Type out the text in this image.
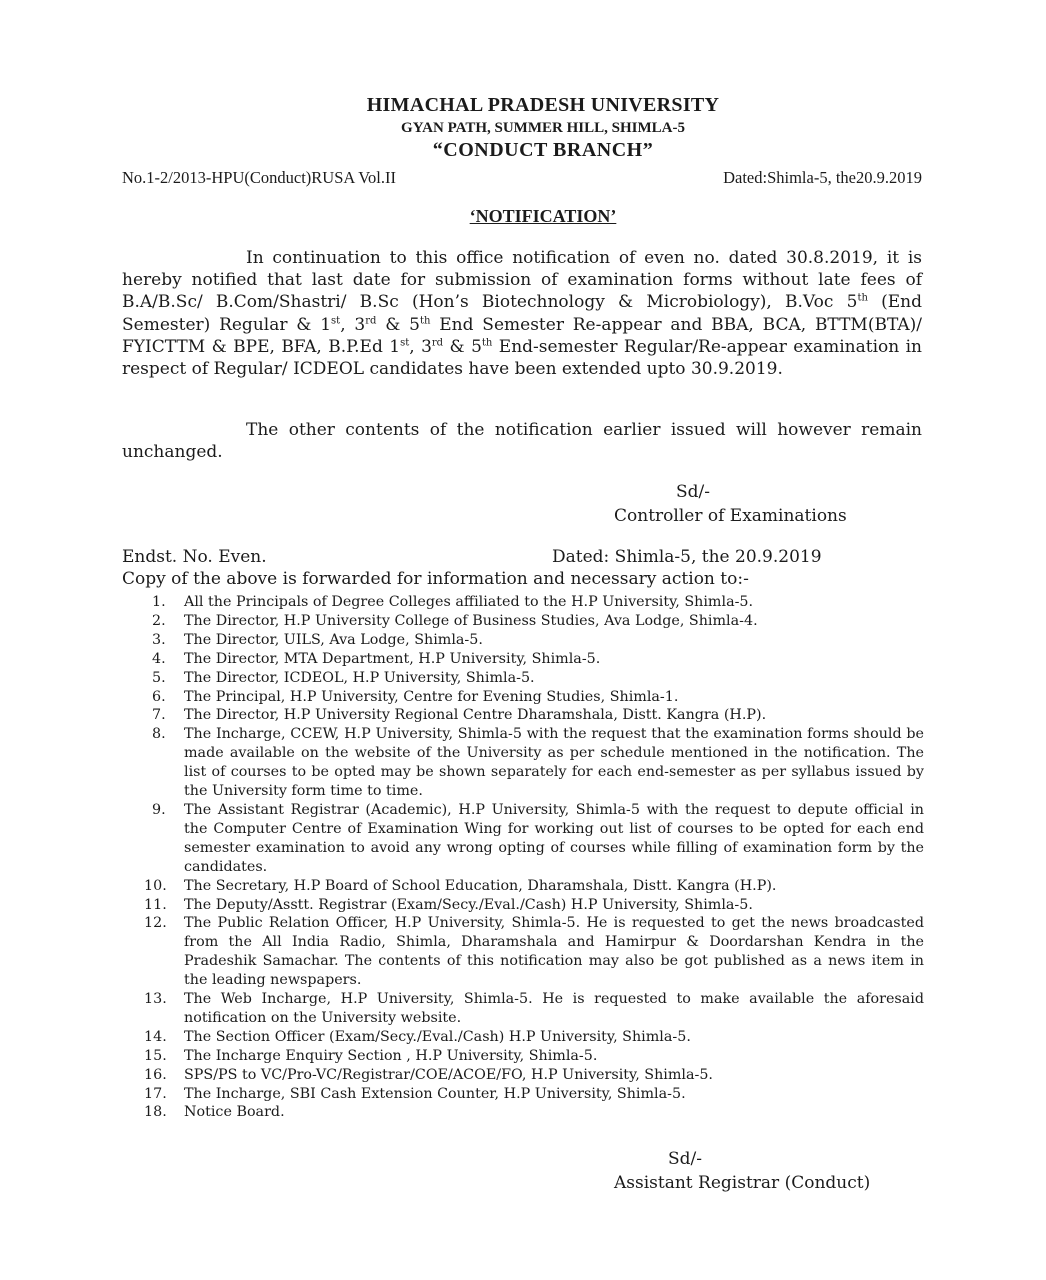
HIMACHAL PRADESH UNIVERSITY
GYAN PATH, SUMMER HILL, SHIMLA-5
“CONDUCT BRANCH”
No.1-2/2013-HPU(Conduct)RUSA Vol.II	Dated:Shimla-5, the20.9.2019
‘NOTIFICATION’

In continuation to this office notification of even no. dated 30.8.2019, it is hereby notified that last date for submission of examination forms without late fees of B.A/B.Sc/ B.Com/Shastri/ B.Sc (Hon’s Biotechnology & Microbiology), B.Voc 5th (End Semester) Regular & 1st, 3rd & 5th End Semester Re-appear and BBA, BCA, BTTM(BTA)/ FYICTTM & BPE, BFA, B.P.Ed 1st, 3rd & 5th End-semester Regular/Re-appear examination in respect of Regular/ ICDEOL candidates have been extended upto 30.9.2019.

The other contents of the notification earlier issued will however remain unchanged.

Sd/-
Controller of Examinations
Endst. No. Even.	Dated: Shimla-5, the 20.9.2019
Copy of the above is forwarded for information and necessary action to:-
1.	All the Principals of Degree Colleges affiliated to the H.P University, Shimla-5.
2.	The Director, H.P University College of Business Studies, Ava Lodge, Shimla-4.
3.	The Director, UILS, Ava Lodge, Shimla-5.
4.	The Director, MTA Department, H.P University, Shimla-5.
5.	The Director, ICDEOL, H.P University, Shimla-5.
6.	The Principal, H.P University, Centre for Evening Studies, Shimla-1.
7.	The Director, H.P University Regional Centre Dharamshala, Distt. Kangra (H.P).
8.	The Incharge, CCEW, H.P University, Shimla-5 with the request that the examination forms should be made available on the website of the University as per schedule mentioned in the notification. The list of courses to be opted may be shown separately for each end-semester as per syllabus issued by the University form time to time.
9.	The Assistant Registrar (Academic), H.P University, Shimla-5 with the request to depute official in the Computer Centre of Examination Wing for working out list of courses to be opted for each end semester examination to avoid any wrong opting of courses while filling of examination form by the candidates.
10.	The Secretary, H.P Board of School Education, Dharamshala, Distt. Kangra (H.P).
11.	The Deputy/Asstt. Registrar (Exam/Secy./Eval./Cash) H.P University, Shimla-5.
12.	The Public Relation Officer, H.P University, Shimla-5. He is requested to get the news broadcasted from the All India Radio, Shimla, Dharamshala and Hamirpur & Doordarshan Kendra in the Pradeshik Samachar. The contents of this notification may also be got published as a news item in the leading newspapers.
13.	The Web Incharge, H.P University, Shimla-5. He is requested to make available the aforesaid notification on the University website.
14.	The Section Officer (Exam/Secy./Eval./Cash) H.P University, Shimla-5.
15.	The Incharge Enquiry Section , H.P University, Shimla-5.
16.	SPS/PS to VC/Pro-VC/Registrar/COE/ACOE/FO, H.P University, Shimla-5.
17.	The Incharge, SBI Cash Extension Counter, H.P University, Shimla-5.
18.	Notice Board.
Sd/-
Assistant Registrar (Conduct)
